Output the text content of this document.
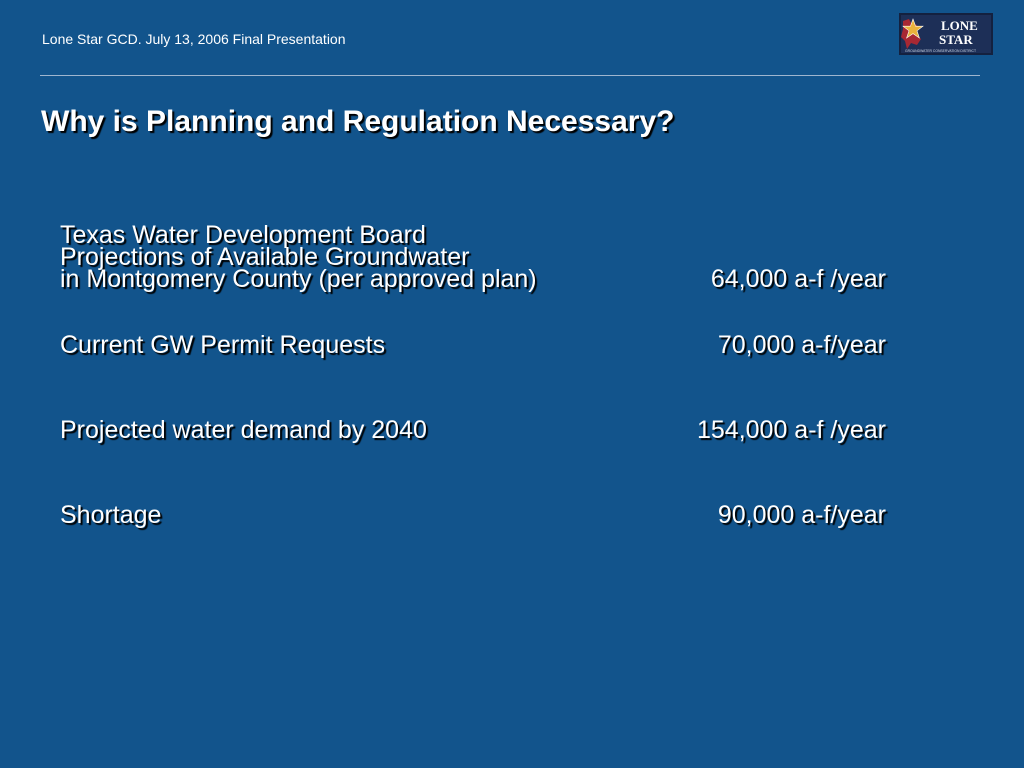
Lone Star GCD. July 13, 2006 Final Presentation
LONE
STAR
GROUNDWATER CONSERVATION DISTRICT
Why is Planning and Regulation Necessary?
Texas Water Development Board
Projections of Available Groundwater
in Montgomery County (per approved plan)	64,000 a-f /year
Current GW Permit Requests	70,000 a-f/year
Projected water demand by 2040	154,000 a-f /year
Shortage	90,000 a-f/year
